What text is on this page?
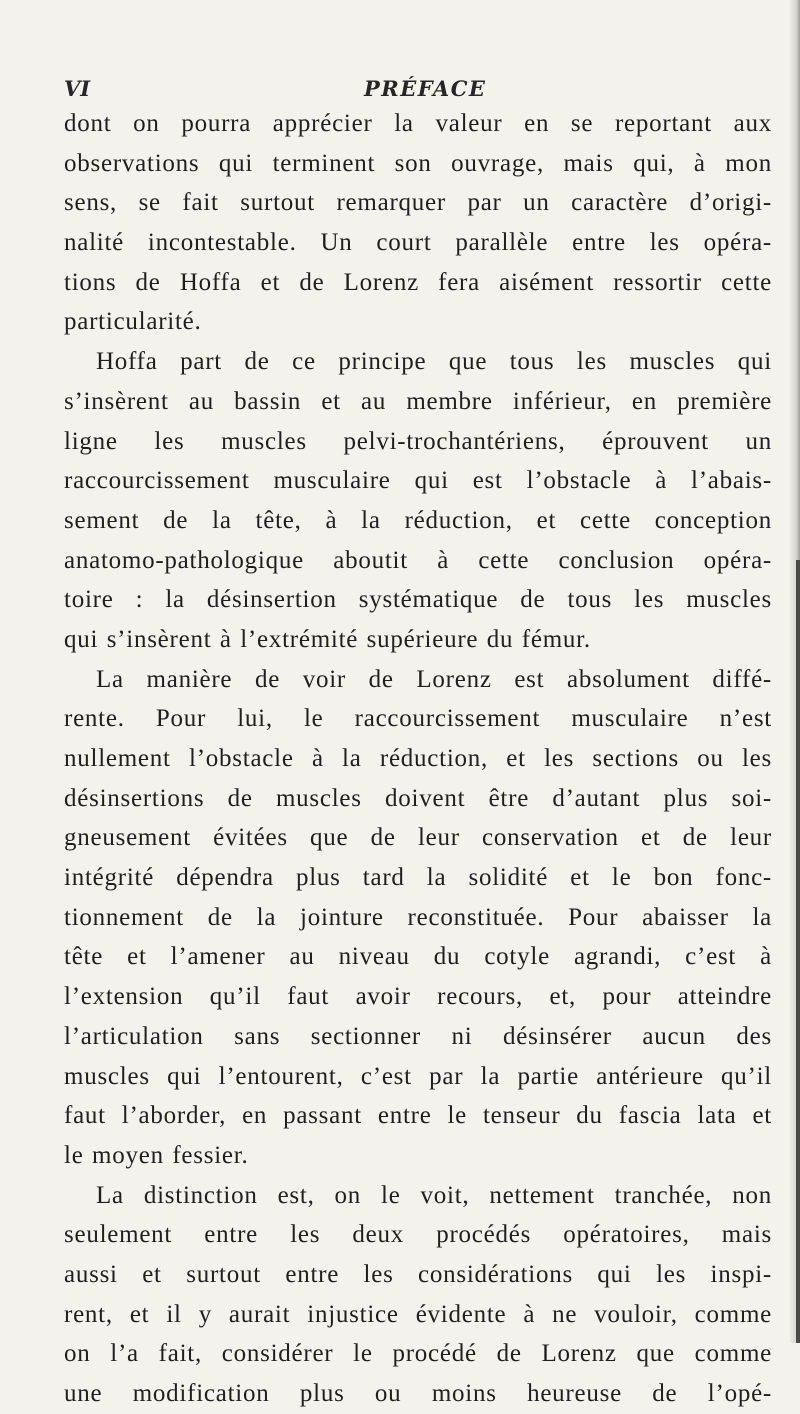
VI	PRÉFACE
dont on pourra apprécier la valeur en se reportant aux
observations qui terminent son ouvrage, mais qui, à mon
sens, se fait surtout remarquer par un caractère d’origi-
nalité incontestable. Un court parallèle entre les opéra-
tions de Hoffa et de Lorenz fera aisément ressortir cette
particularité.
Hoffa part de ce principe que tous les muscles qui
s’insèrent au bassin et au membre inférieur, en première
ligne les muscles pelvi-trochantériens, éprouvent un
raccourcissement musculaire qui est l’obstacle à l’abais-
sement de la tête, à la réduction, et cette conception
anatomo-pathologique aboutit à cette conclusion opéra-
toire : la désinsertion systématique de tous les muscles
qui s’insèrent à l’extrémité supérieure du fémur.
La manière de voir de Lorenz est absolument diffé-
rente. Pour lui, le raccourcissement musculaire n’est
nullement l’obstacle à la réduction, et les sections ou les
désinsertions de muscles doivent être d’autant plus soi-
gneusement évitées que de leur conservation et de leur
intégrité dépendra plus tard la solidité et le bon fonc-
tionnement de la jointure reconstituée. Pour abaisser la
tête et l’amener au niveau du cotyle agrandi, c’est à
l’extension qu’il faut avoir recours, et, pour atteindre
l’articulation sans sectionner ni désinsérer aucun des
muscles qui l’entourent, c’est par la partie antérieure qu’il
faut l’aborder, en passant entre le tenseur du fascia lata et
le moyen fessier.
La distinction est, on le voit, nettement tranchée, non
seulement entre les deux procédés opératoires, mais
aussi et surtout entre les considérations qui les inspi-
rent, et il y aurait injustice évidente à ne vouloir, comme
on l’a fait, considérer le procédé de Lorenz que comme
une modification plus ou moins heureuse de l’opé-
